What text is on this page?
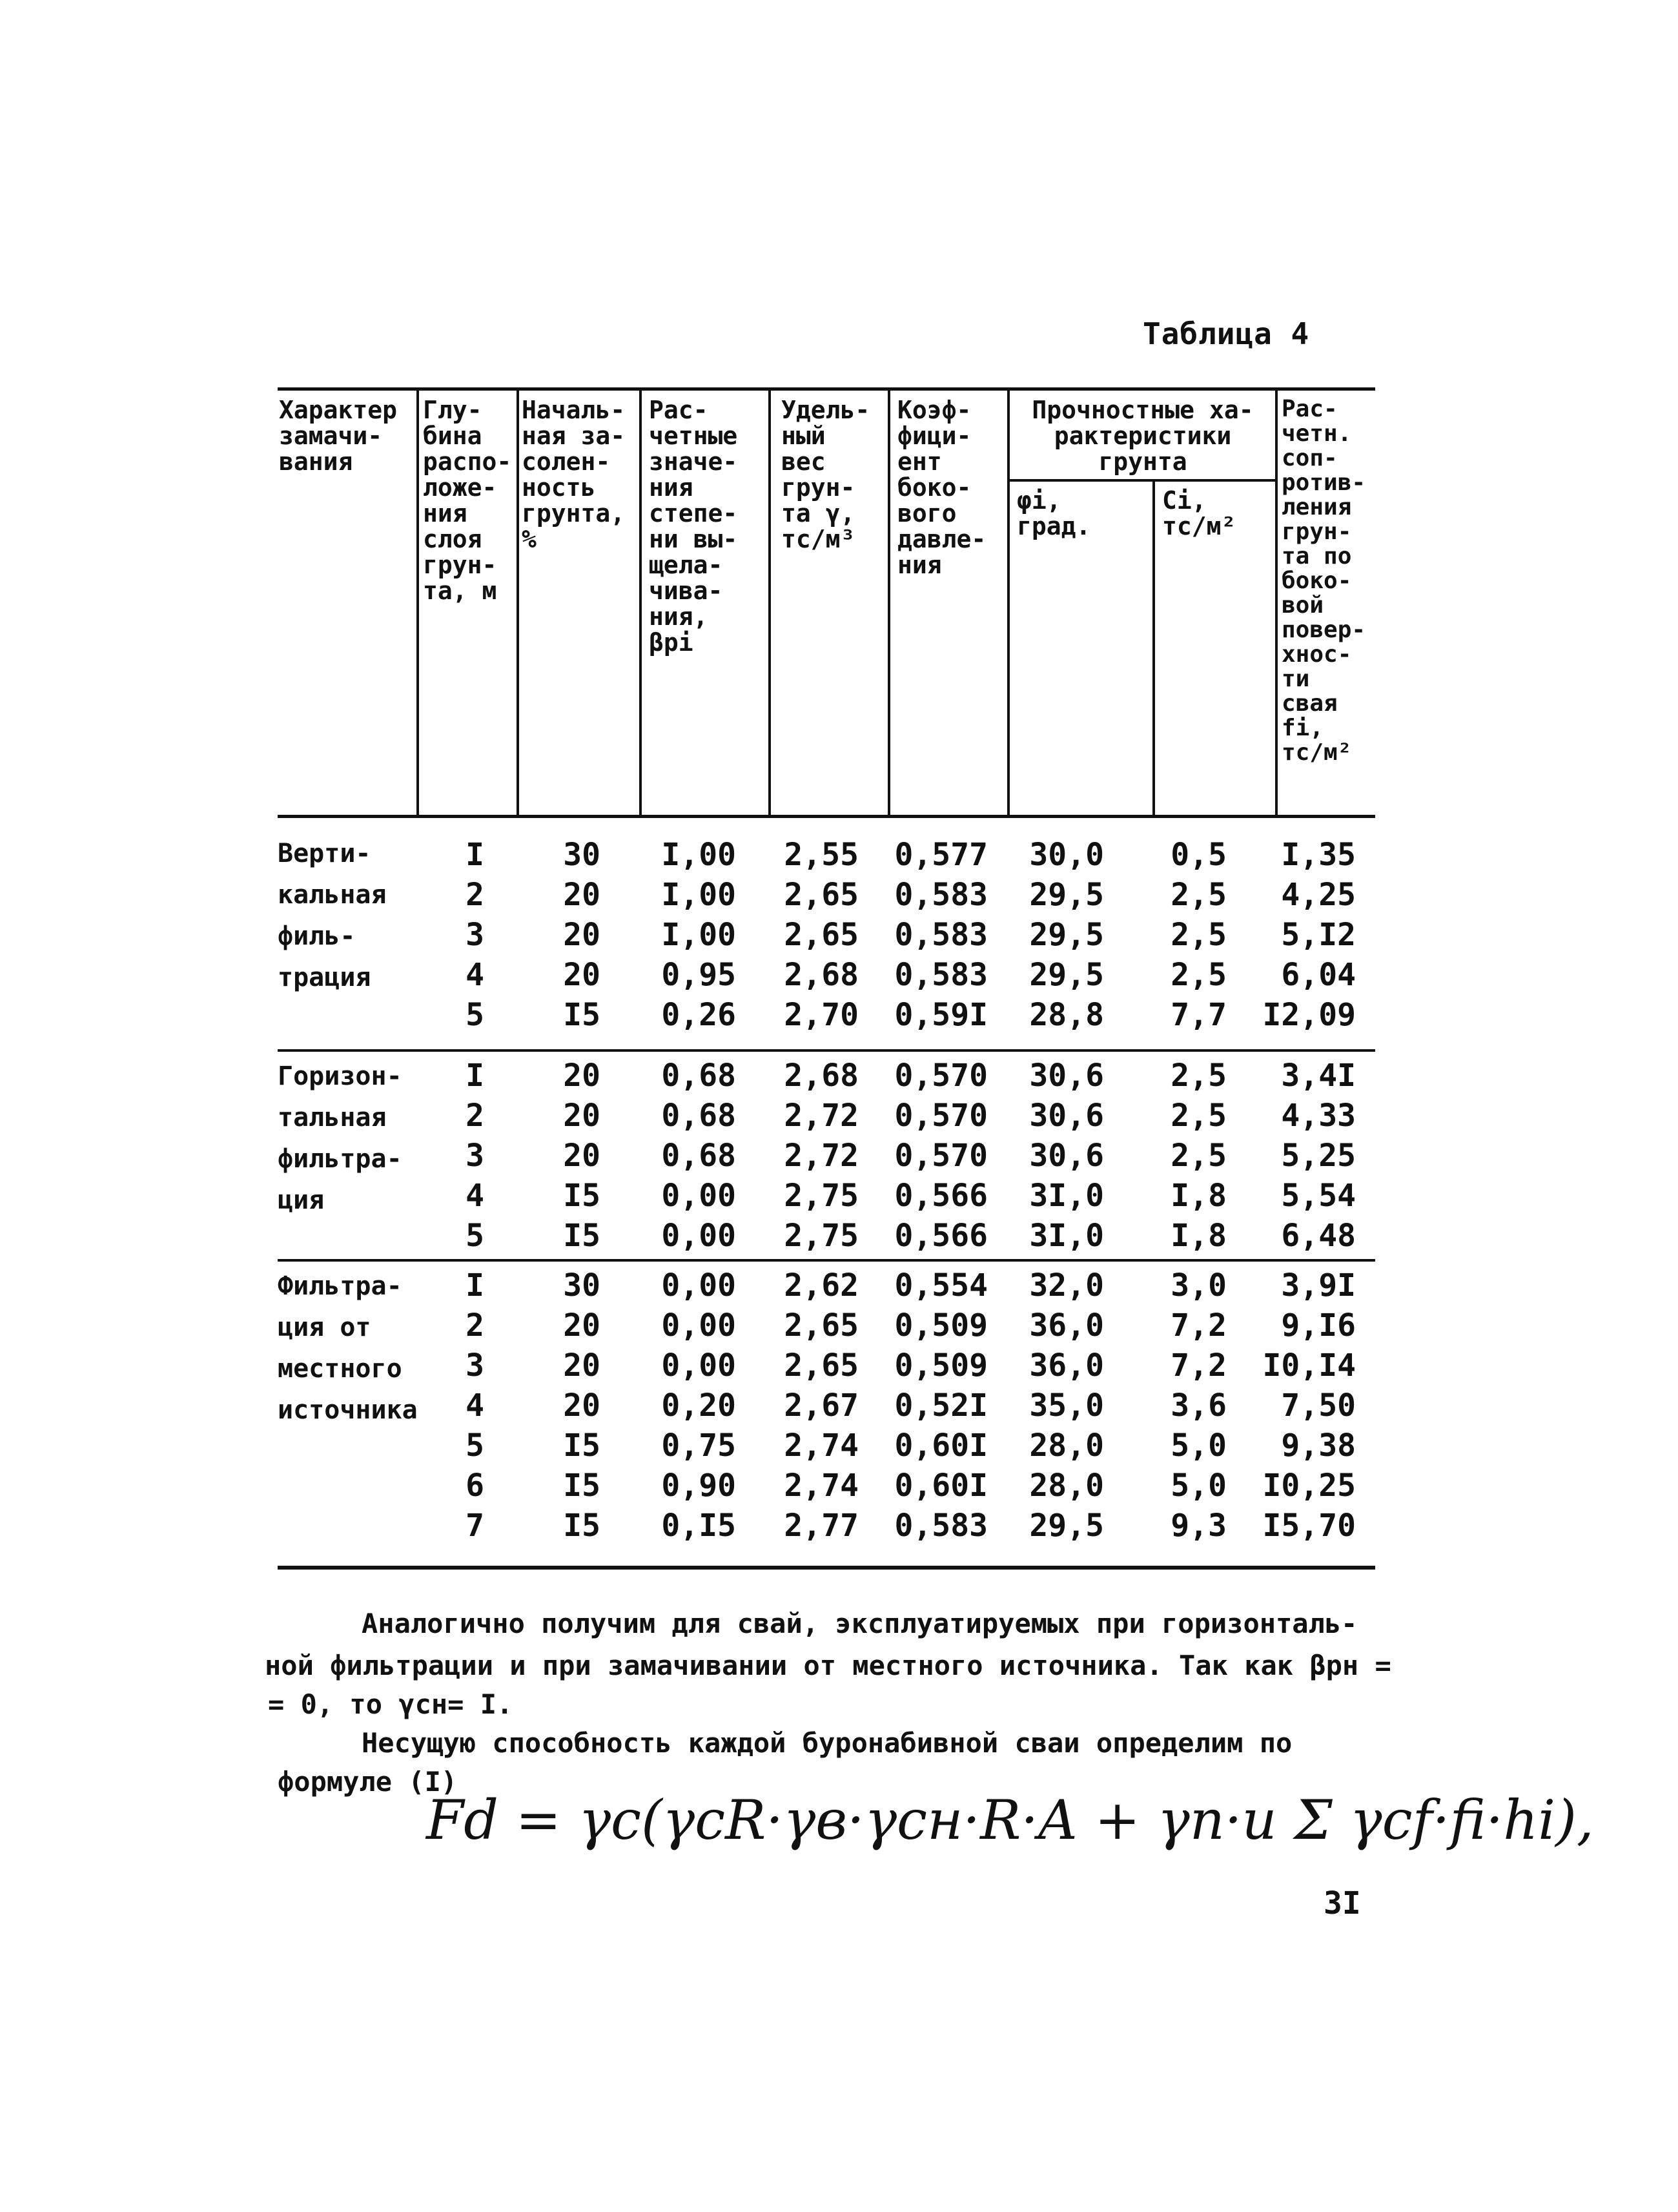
Таблица 4
Характер
замачи-
вания
Глу-
бина
распо-
ложе-
ния
слоя
грун-
та, м
Началь-
ная за-
солен-
ность
грунта,
%
Рас-
четные
значе-
ния
степе-
ни вы-
щела-
чива-
ния,
βpi
Удель-
ный
вес
грун-
та γ,
тс/м³
Коэф-
фици-
ент
боко-
вого
давле-
ния
Прочностные ха-
рактеристики
грунта
φi,
град.
Ci,
тс/м²
Рас-
четн.
соп-
ротив-
ления
грун-
та по
боко-
вой
повер-
хнос-
ти
свая
fi,
тс/м²
Верти-
кальная
филь-
трация
I	30	I,00	2,55 0,577	30,0	0,5	I,35
2	20	I,00	2,65 0,583	29,5	2,5	4,25
3	20	I,00	2,65 0,583	29,5	2,5	5,I2
4	20	0,95	2,68 0,583	29,5	2,5	6,04
5	I5	0,26	2,70 0,59I	28,8	7,7 I2,09
Горизон-
тальная
фильтра-
ция
I	20	0,68	2,68 0,570	30,6	2,5	3,4I
2	20	0,68	2,72 0,570	30,6	2,5	4,33
3	20	0,68	2,72 0,570	30,6	2,5	5,25
4	I5	0,00	2,75 0,566	3I,0	I,8	5,54
5	I5	0,00	2,75 0,566	3I,0	I,8	6,48
Фильтра-
ция от
местного
источника
I	30	0,00	2,62 0,554	32,0	3,0	3,9I
2	20	0,00	2,65 0,509	36,0	7,2	9,I6
3	20	0,00	2,65 0,509	36,0	7,2 I0,I4
4	20	0,20	2,67 0,52I	35,0	3,6	7,50
5	I5	0,75	2,74 0,60I	28,0	5,0	9,38
6	I5	0,90	2,74 0,60I	28,0	5,0 I0,25
7	I5	0,I5	2,77 0,583	29,5	9,3 I5,70
Аналогично получим для свай, эксплуатируемых при горизонталь-
ной фильтрации и при замачивании от местного источника. Так как βрн =
= 0, то γсн= I.
Несущую способность каждой буронабивной сваи определим по
формуле (I)
Fd = γc(γcR·γв·γсн·R·A + γn·u Σ γcf·fi·hi),
3I
